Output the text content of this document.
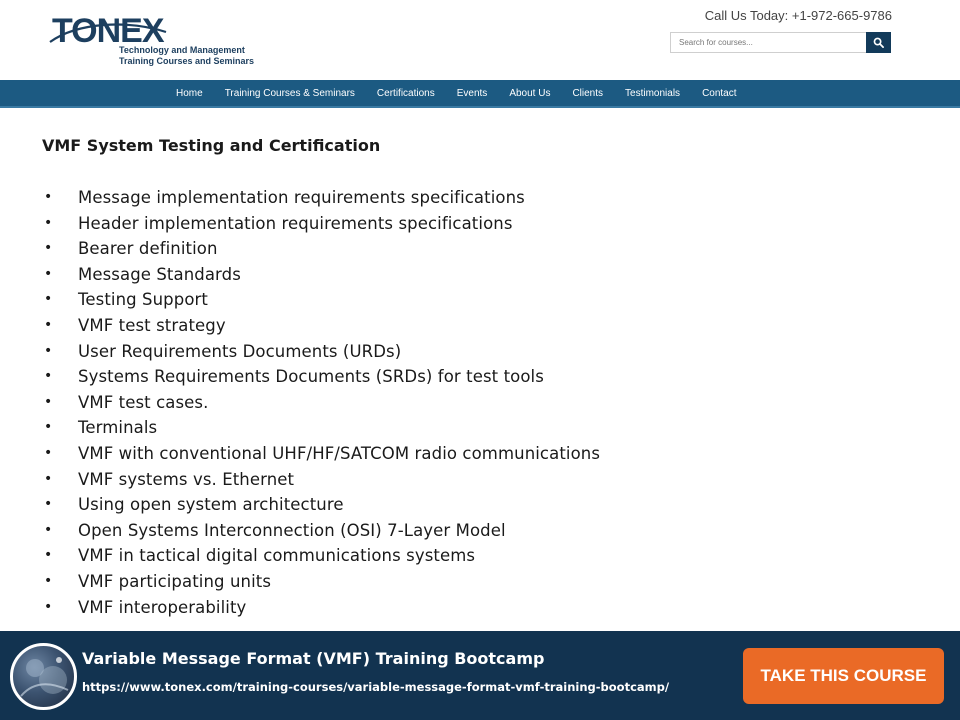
TONEX
Technology and Management
Training Courses and Seminars
Call Us Today: +1-972-665-9786
Search for courses...
Home	Training Courses & Seminars	Certifications	Events	About Us	Clients	Testimonials	Contact
VMF System Testing and Certification
• Message implementation requirements specifications
• Header implementation requirements specifications
• Bearer definition
• Message Standards
• Testing Support
• VMF test strategy
• User Requirements Documents (URDs)
• Systems Requirements Documents (SRDs) for test tools
• VMF test cases.
• Terminals
• VMF with conventional UHF/HF/SATCOM radio communications
• VMF systems vs. Ethernet
• Using open system architecture
• Open Systems Interconnection (OSI) 7-Layer Model
• VMF in tactical digital communications systems
• VMF participating units
• VMF interoperability
Variable Message Format (VMF) Training Bootcamp
https://www.tonex.com/training-courses/variable-message-format-vmf-training-bootcamp/
TAKE THIS COURSE
